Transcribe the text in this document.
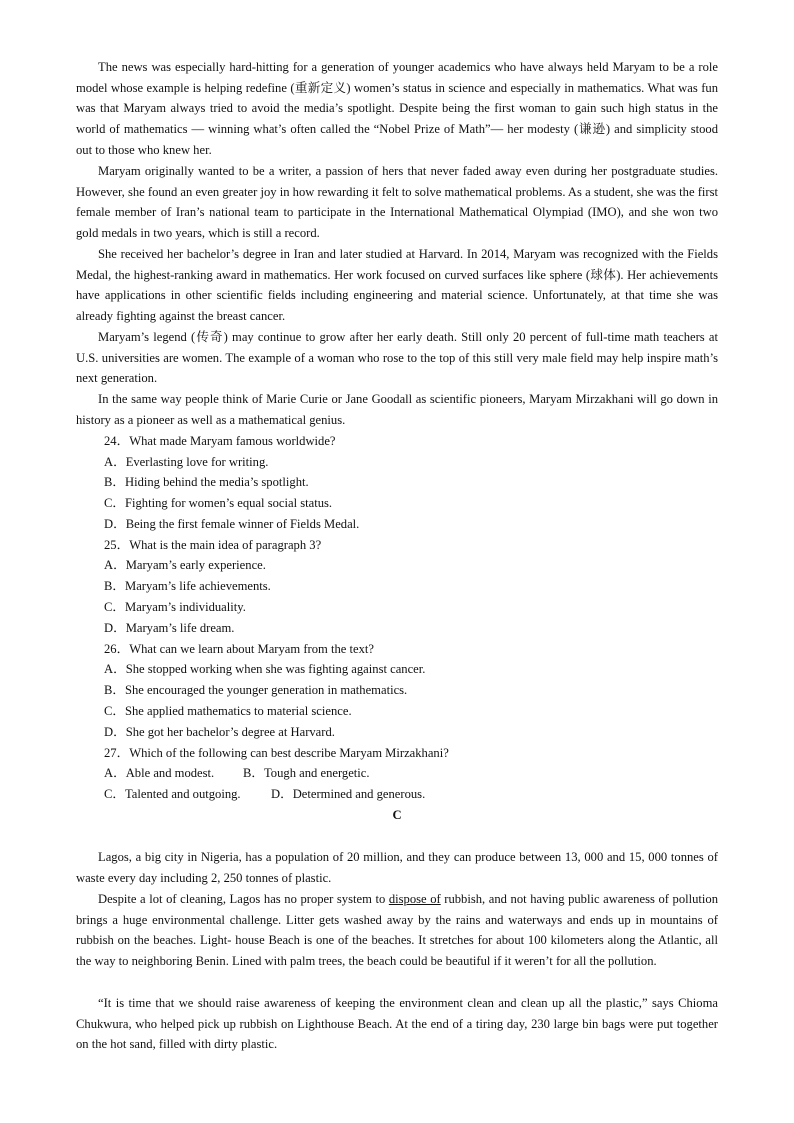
The news was especially hard-hitting for a generation of younger academics who have always held Maryam to be a role model whose example is helping redefine (重新定义) women’s status in science and especially in mathematics. What was fun was that Maryam always tried to avoid the media’s spotlight. Despite being the first woman to gain such high status in the world of mathematics — winning what’s often called the “Nobel Prize of Math”— her modesty (谦逊) and simplicity stood out to those who knew her.

Maryam originally wanted to be a writer, a passion of hers that never faded away even during her postgraduate studies. However, she found an even greater joy in how rewarding it felt to solve mathematical problems. As a student, she was the first female member of Iran’s national team to participate in the International Mathematical Olympiad (IMO), and she won two gold medals in two years, which is still a record.

She received her bachelor’s degree in Iran and later studied at Harvard. In 2014, Maryam was recognized with the Fields Medal, the highest-ranking award in mathematics. Her work focused on curved surfaces like sphere (球体). Her achievements have applications in other scientific fields including engineering and material science. Unfortunately, at that time she was already fighting against the breast cancer.

Maryam’s legend (传奇) may continue to grow after her early death. Still only 20 percent of full-time math teachers at U.S. universities are women. The example of a woman who rose to the top of this still very male field may help inspire math’s next generation.

In the same way people think of Marie Curie or Jane Goodall as scientific pioneers, Maryam Mirzakhani will go down in history as a pioneer as well as a mathematical genius.

24．What made Maryam famous worldwide?
A．Everlasting love for writing.
B．Hiding behind the media’s spotlight.
C．Fighting for women’s equal social status.
D．Being the first female winner of Fields Medal.
25．What is the main idea of paragraph 3?
A．Maryam’s early experience.
B．Maryam’s life achievements.
C．Maryam’s individuality.
D．Maryam’s life dream.
26．What can we learn about Maryam from the text?
A．She stopped working when she was fighting against cancer.
B．She encouraged the younger generation in mathematics.
C．She applied mathematics to material science.
D．She got her bachelor’s degree at Harvard.
27．Which of the following can best describe Maryam Mirzakhani?
A．Able and modest. B．Tough and energetic.
C．Talented and outgoing. D．Determined and generous.
C

Lagos, a big city in Nigeria, has a population of 20 million, and they can produce between 13, 000 and 15, 000 tonnes of waste every day including 2, 250 tonnes of plastic.

Despite a lot of cleaning, Lagos has no proper system to dispose of rubbish, and not having public awareness of pollution brings a huge environmental challenge. Litter gets washed away by the rains and waterways and ends up in mountains of rubbish on the beaches. Light- house Beach is one of the beaches. It stretches for about 100 kilometers along the Atlantic, all the way to neighboring Benin. Lined with palm trees, the beach could be beautiful if it weren’t for all the pollution.

“It is time that we should raise awareness of keeping the environment clean and clean up all the plastic,” says Chioma Chukwura, who helped pick up rubbish on Lighthouse Beach. At the end of a tiring day, 230 large bin bags were put together on the hot sand, filled with dirty plastic.
